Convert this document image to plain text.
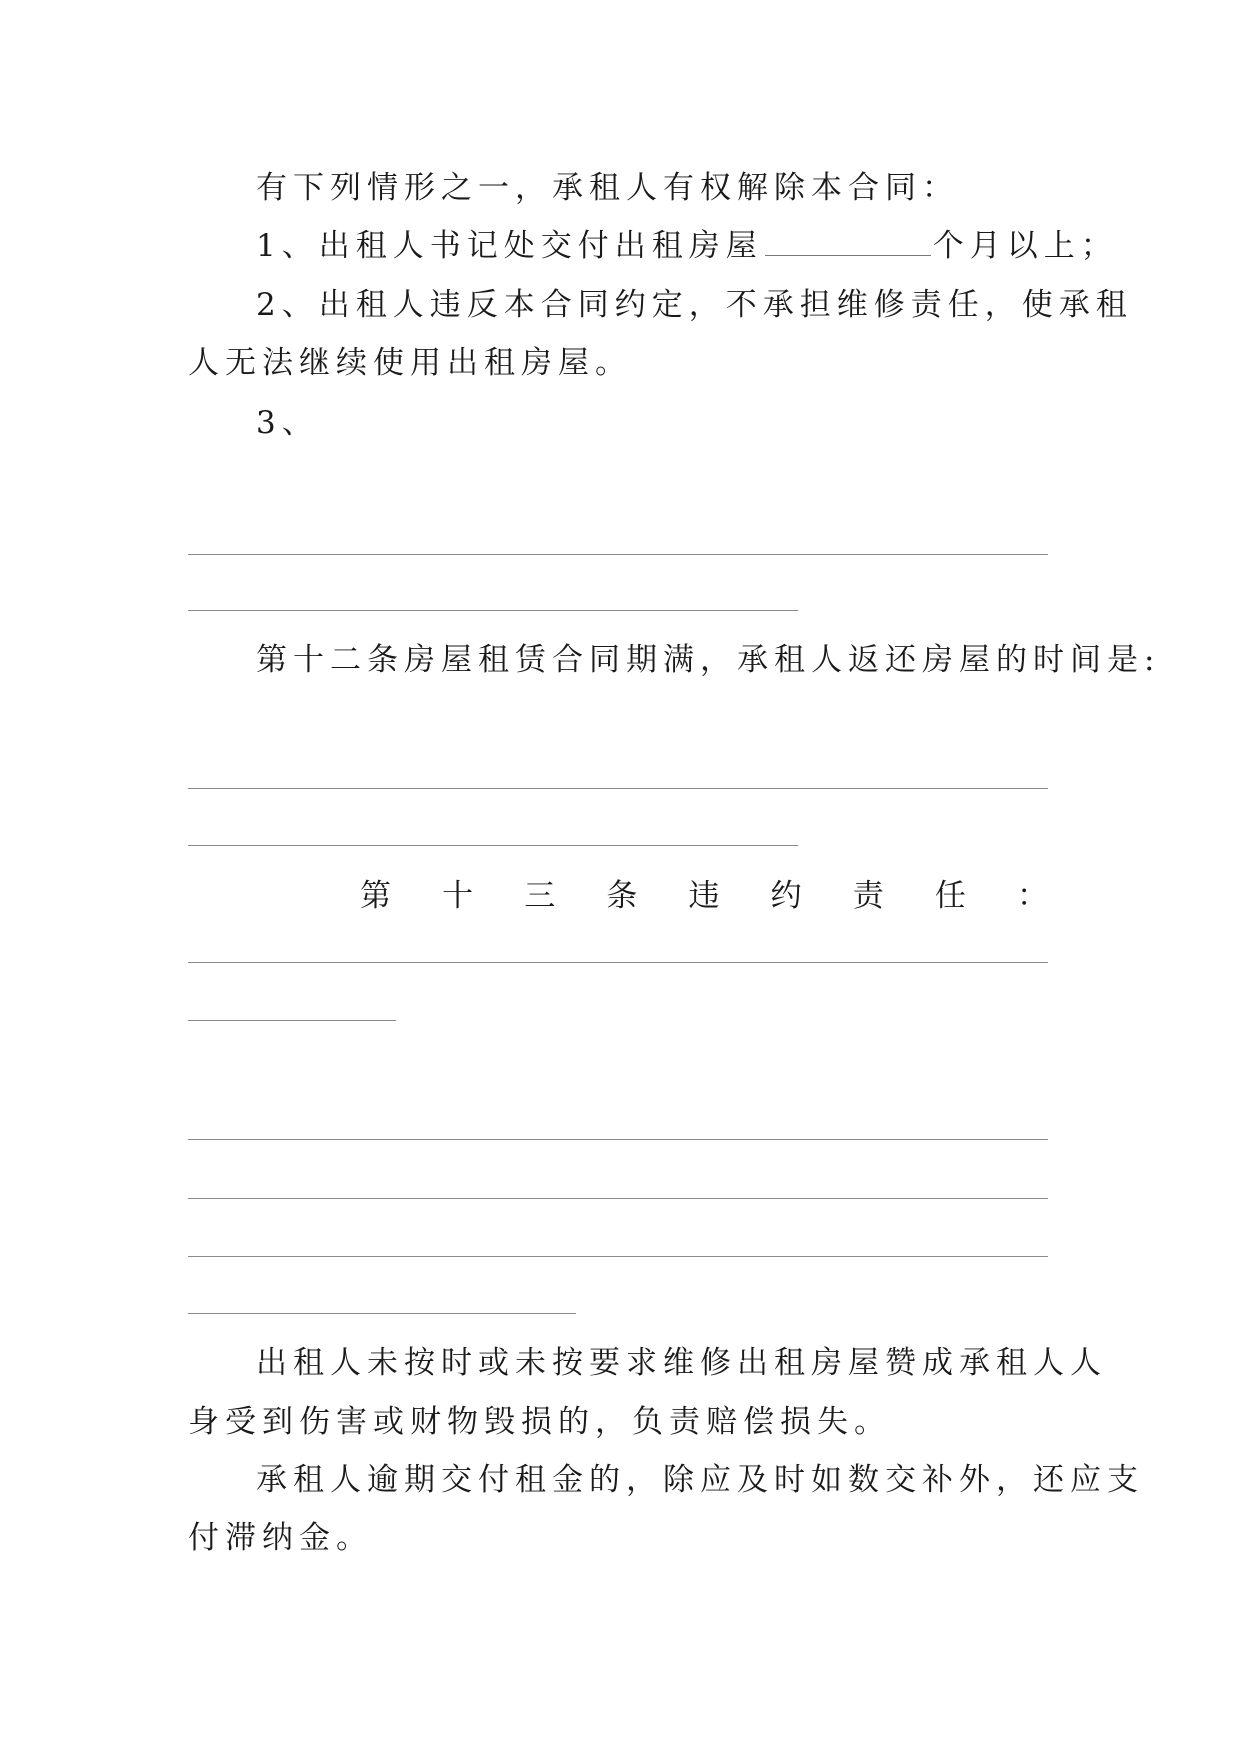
有下列情形之一，承租人有权解除本合同：
1、出租人书记处交付出租房屋	个月以上；
2、出租人违反本合同约定，不承担维修责任，使承租
人无法继续使用出租房屋。
3、
第十二条房屋租赁合同期满，承租人返还房屋的时间是:
第 十 三 条 违 约 责 任 ：
出租人未按时或未按要求维修出租房屋赞成承租人人
身受到伤害或财物毁损的，负责赔偿损失。
承租人逾期交付租金的，除应及时如数交补外，还应支
付滞纳金。
